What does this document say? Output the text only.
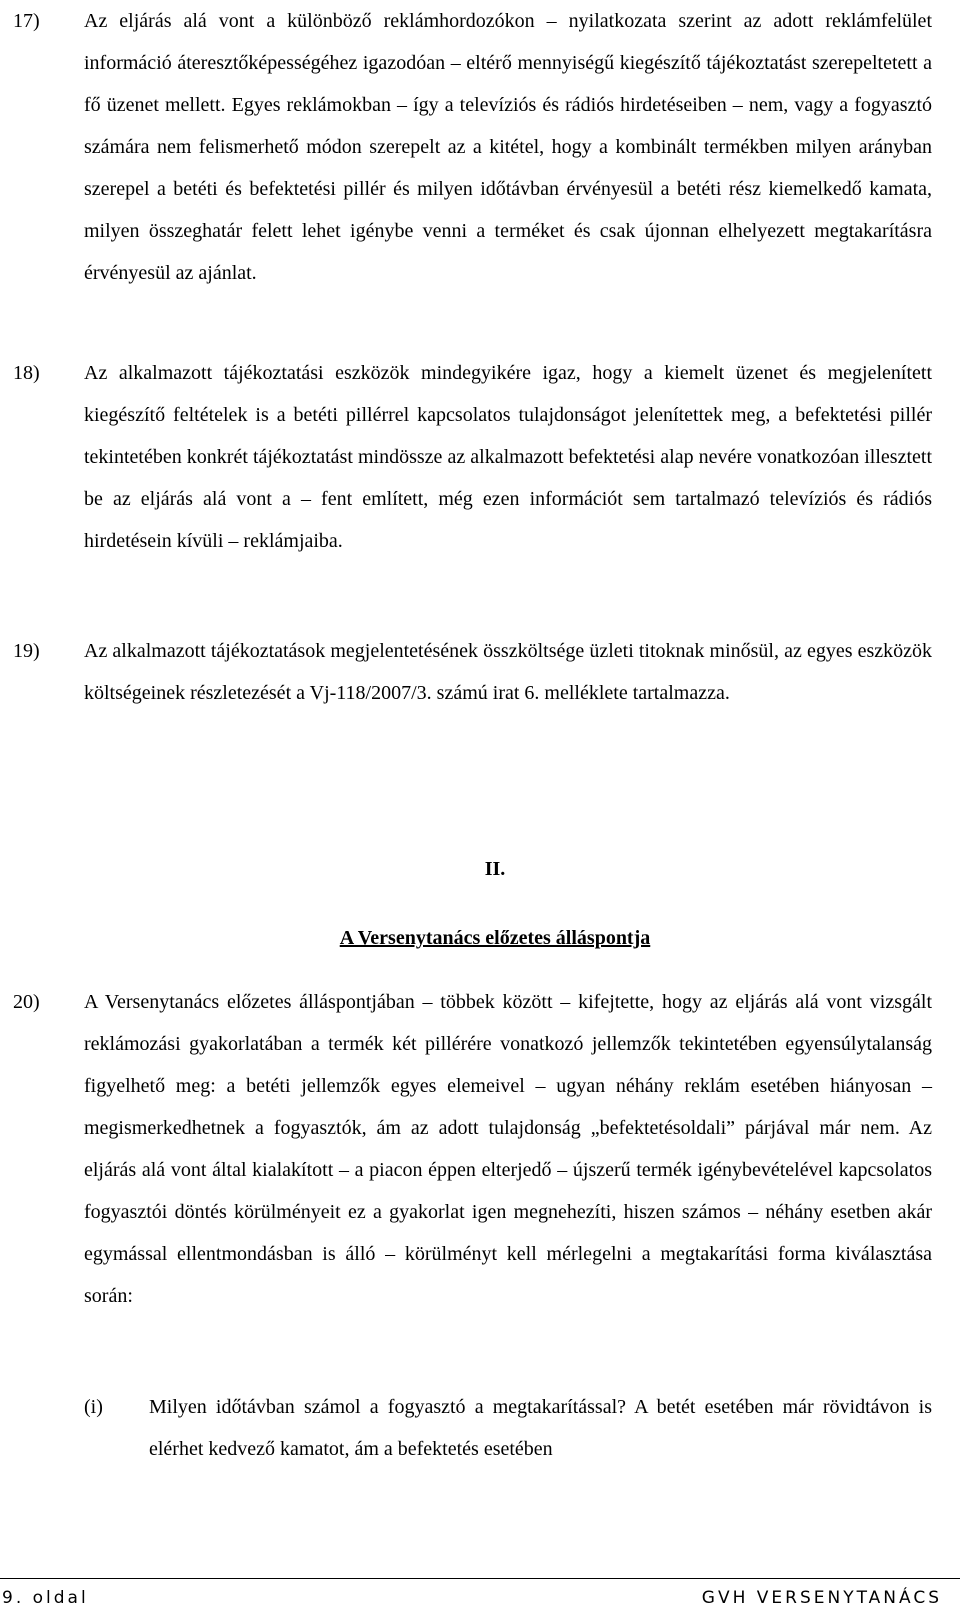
17) Az eljárás alá vont a különböző reklámhordozókon – nyilatkozata szerint az adott reklámfelület információ áteresztőképességéhez igazodóan – eltérő mennyiségű kiegészítő tájékoztatást szerepeltetett a fő üzenet mellett. Egyes reklámokban – így a televíziós és rádiós hirdetéseiben – nem, vagy a fogyasztó számára nem felismerhető módon szerepelt az a kitétel, hogy a kombinált termékben milyen arányban szerepel a betéti és befektetési pillér és milyen időtávban érvényesül a betéti rész kiemelkedő kamata, milyen összeghatár felett lehet igénybe venni a terméket és csak újonnan elhelyezett megtakarításra érvényesül az ajánlat.

18) Az alkalmazott tájékoztatási eszközök mindegyikére igaz, hogy a kiemelt üzenet és megjelenített kiegészítő feltételek is a betéti pillérrel kapcsolatos tulajdonságot jelenítettek meg, a befektetési pillér tekintetében konkrét tájékoztatást mindössze az alkalmazott befektetési alap nevére vonatkozóan illesztett be az eljárás alá vont a – fent említett, még ezen információt sem tartalmazó televíziós és rádiós hirdetésein kívüli – reklámjaiba.

19) Az alkalmazott tájékoztatások megjelentetésének összköltsége üzleti titoknak minősül, az egyes eszközök költségeinek részletezését a Vj-118/2007/3. számú irat 6. melléklete tartalmazza.

II.
A Versenytanács előzetes álláspontja
20) A Versenytanács előzetes álláspontjában – többek között – kifejtette, hogy az eljárás alá vont vizsgált reklámozási gyakorlatában a termék két pillérére vonatkozó jellemzők tekintetében egyensúlytalanság figyelhető meg: a betéti jellemzők egyes elemeivel – ugyan néhány reklám esetében hiányosan – megismerkedhetnek a fogyasztók, ám az adott tulajdonság „befektetésoldali” párjával már nem. Az eljárás alá vont által kialakított – a piacon éppen elterjedő – újszerű termék igénybevételével kapcsolatos fogyasztói döntés körülményeit ez a gyakorlat igen megnehezíti, hiszen számos – néhány esetben akár egymással ellentmondásban is álló – körülményt kell mérlegelni a megtakarítási forma kiválasztása során:

(i) Milyen időtávban számol a fogyasztó a megtakarítással? A betét esetében már rövidtávon is elérhet kedvező kamatot, ám a befektetés esetében

9. oldal	GVH VERSENYTANÁCS
